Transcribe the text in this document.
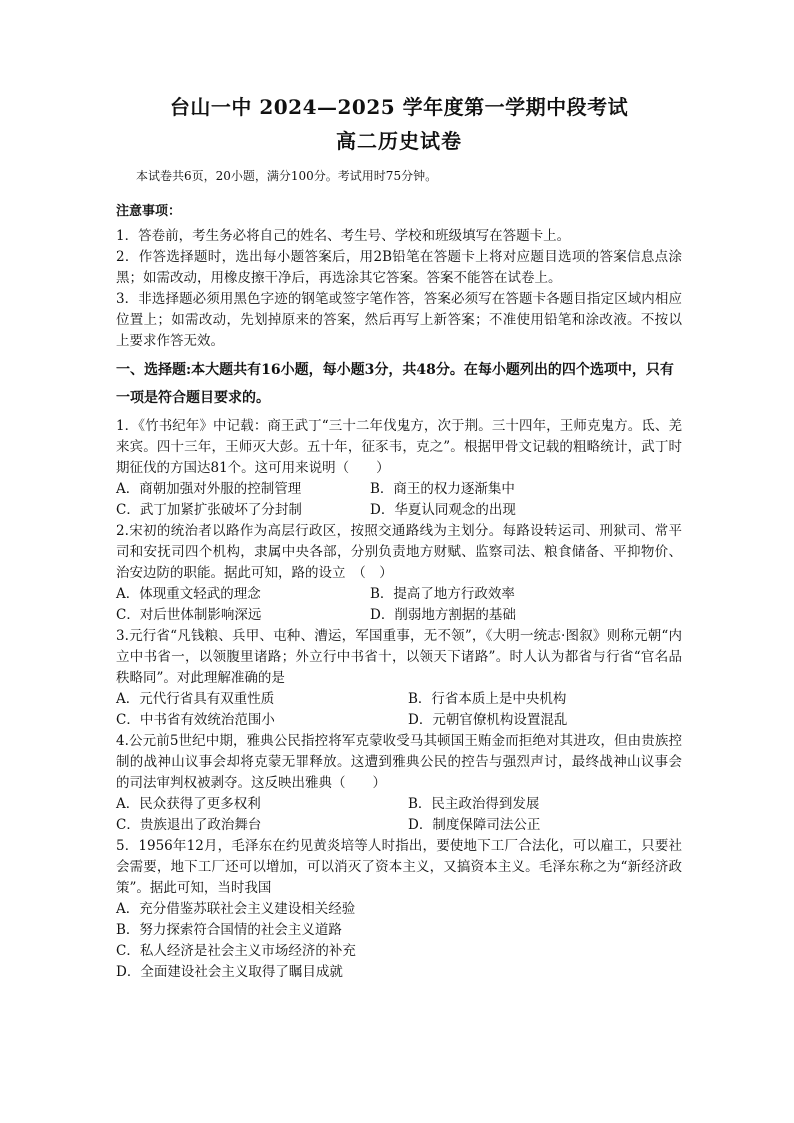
台山一中 2024—2025 学年度第一学期中段考试
高二历史试卷

本试卷共6页，20小题，满分100分。考试用时75分钟。

注意事项：

1．答卷前，考生务必将自己的姓名、考生号、学校和班级填写在答题卡上。

2．作答选择题时，选出每小题答案后，用2B铅笔在答题卡上将对应题目选项的答案信息点涂黑；如需改动，用橡皮擦干净后，再选涂其它答案。答案不能答在试卷上。

3．非选择题必须用黑色字迹的钢笔或签字笔作答，答案必须写在答题卡各题目指定区域内相应位置上；如需改动，先划掉原来的答案，然后再写上新答案；不准使用铅笔和涂改液。不按以上要求作答无效。

一、选择题:本大题共有16小题，每小题3分，共48分。在每小题列出的四个选项中，只有一项是符合题目要求的。

1．《竹书纪年》中记载：商王武丁“三十二年伐鬼方，次于荆。三十四年，王师克鬼方。氐、羌来宾。四十三年，王师灭大彭。五十年，征豕韦，克之”。根据甲骨文记载的粗略统计，武丁时期征伐的方国达81个。这可用来说明（　　）

A．商朝加强对外服的控制管理	B．商王的权力逐渐集中
C．武丁加紧扩张破坏了分封制	D．华夏认同观念的出现

2.宋初的统治者以路作为高层行政区，按照交通路线为主划分。每路设转运司、刑狱司、常平司和安抚司四个机构，隶属中央各部，分别负责地方财赋、监察司法、粮食储备、平抑物价、治安边防的职能。据此可知，路的设立　（　）

A．体现重文轻武的理念	B．提高了地方行政效率
C．对后世体制影响深远	D．削弱地方割据的基础

3.元行省“凡钱粮、兵甲、屯种、漕运，军国重事，无不领”，《大明一统志·图叙》则称元朝“内立中书省一，以领腹里诸路；外立行中书省十，以领天下诸路”。时人认为都省与行省“官名品秩略同”。对此理解准确的是

A．元代行省具有双重性质	B．行省本质上是中央机构
C．中书省有效统治范围小	D．元朝官僚机构设置混乱

4.公元前5世纪中期，雅典公民指控将军克蒙收受马其顿国王贿金而拒绝对其进攻，但由贵族控制的战神山议事会却将克蒙无罪释放。这遭到雅典公民的控告与强烈声讨，最终战神山议事会的司法审判权被剥夺。这反映出雅典（　　）

A．民众获得了更多权利	B．民主政治得到发展
C．贵族退出了政治舞台	D．制度保障司法公正

5．1956年12月，毛泽东在约见黄炎培等人时指出，要使地下工厂合法化，可以雇工，只要社会需要，地下工厂还可以增加，可以消灭了资本主义，又搞资本主义。毛泽东称之为“新经济政策”。据此可知，当时我国

A．充分借鉴苏联社会主义建设相关经验
B．努力探索符合国情的社会主义道路
C．私人经济是社会主义市场经济的补充
D．全面建设社会主义取得了瞩目成就
